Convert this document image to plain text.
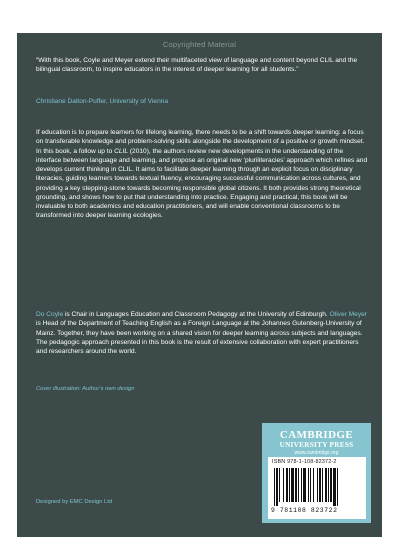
Copyrighted Material
“With this book, Coyle and Meyer extend their multifaceted view of language and content beyond CLIL and the bilingual classroom, to inspire educators in the interest of deeper learning for all students.”
Christiane Dalton-Puffer, University of Vienna
If education is to prepare learners for lifelong learning, there needs to be a shift towards deeper learning: a focus on transferable knowledge and problem-solving skills alongside the development of a positive or growth mindset. In this book, a follow up to CLIL (2010), the authors review new developments in the understanding of the interface between language and learning, and propose an original new ‘pluriliteracies’ approach which refines and develops current thinking in CLIL. It aims to facilitate deeper learning through an explicit focus on disciplinary literacies, guiding learners towards textual fluency, encouraging successful communication across cultures, and providing a key stepping-stone towards becoming responsible global citizens. It both provides strong theoretical grounding, and shows how to put that understanding into practice. Engaging and practical, this book will be invaluable to both academics and education practitioners, and will enable conventional classrooms to be transformed into deeper learning ecologies.
Do Coyle is Chair in Languages Education and Classroom Pedagogy at the University of Edinburgh. Oliver Meyer is Head of the Department of Teaching English as a Foreign Language at the Johannes Gutenberg-University of Mainz. Together, they have been working on a shared vision for deeper learning across subjects and languages. The pedagogic approach presented in this book is the result of extensive collaboration with expert practitioners and researchers around the world.
Cover illustration: Author’s own design
Designed by EMC Design Ltd
CAMBRIDGE
UNIVERSITY PRESS
www.cambridge.org
ISBN 978-1-108-82372-2
9 781108 823722
